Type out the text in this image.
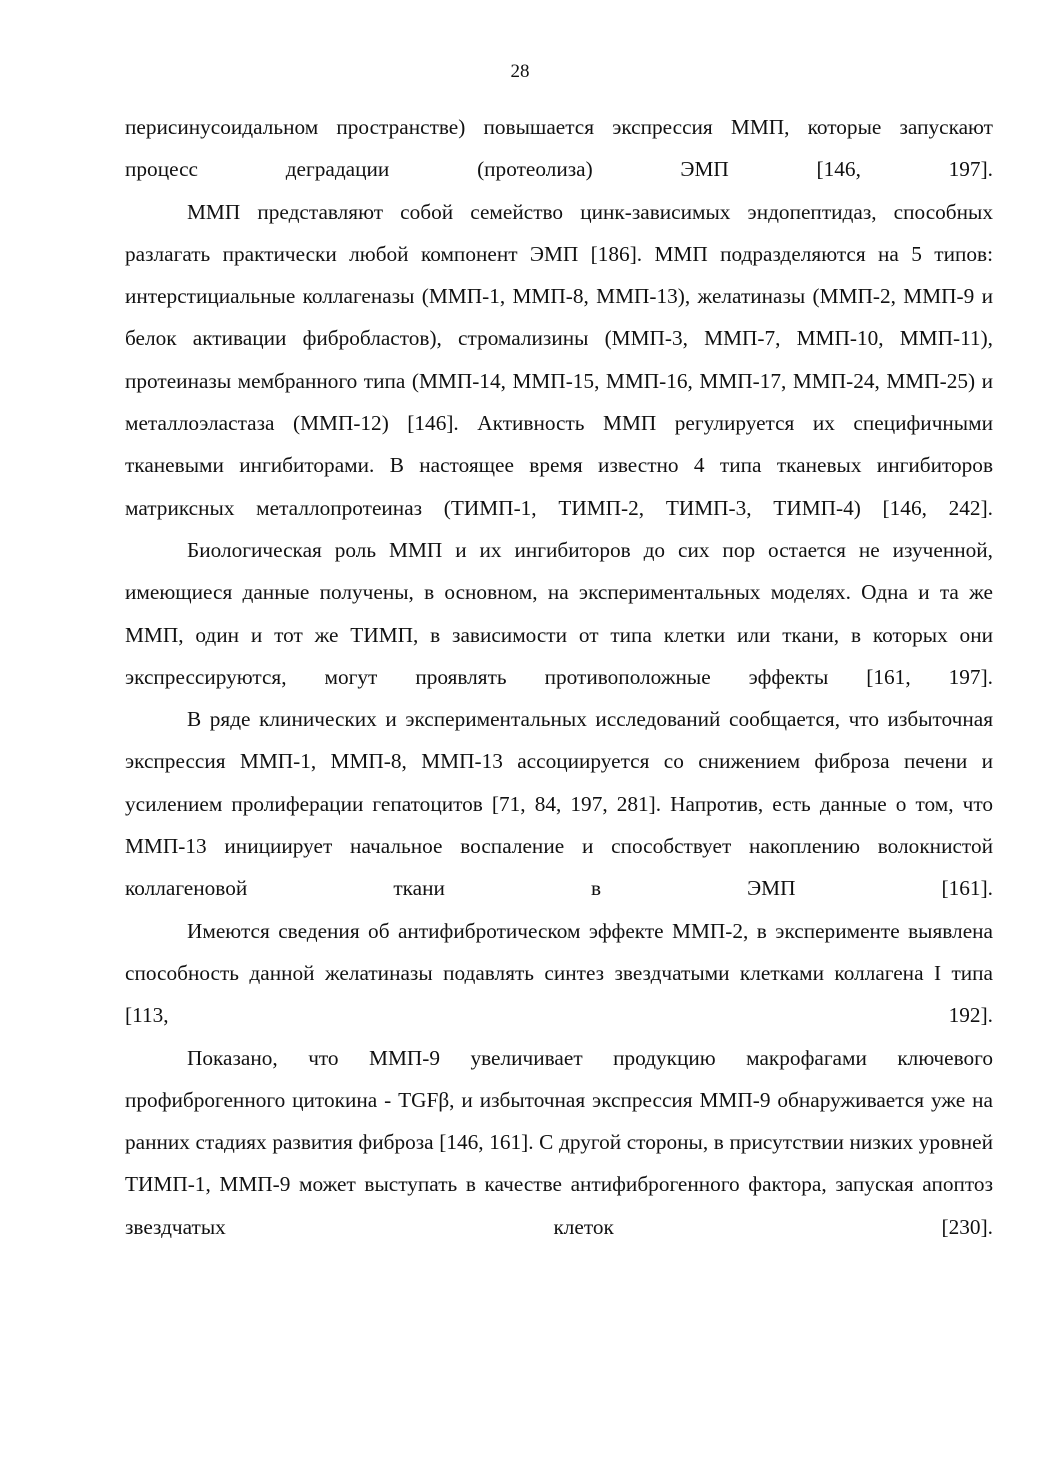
28

перисинусоидальном пространстве) повышается экспрессия ММП, которые запускают процесс деградации (протеолиза) ЭМП [146, 197].

ММП представляют собой семейство цинк-зависимых эндопептидаз, способных разлагать практически любой компонент ЭМП [186]. ММП подразделяются на 5 типов: интерстициальные коллагеназы (ММП-1, ММП-8, ММП-13), желатиназы (ММП-2, ММП-9 и белок активации фибробластов), стромализины (ММП-3, ММП-7, ММП-10, ММП-11), протеиназы мембранного типа (ММП-14, ММП-15, ММП-16, ММП-17, ММП-24, ММП-25) и металлоэластаза (ММП-12) [146]. Активность ММП регулируется их специфичными тканевыми ингибиторами. В настоящее время известно 4 типа тканевых ингибиторов матриксных металлопротеиназ (ТИМП-1, ТИМП-2, ТИМП-3, ТИМП-4) [146, 242].

Биологическая роль ММП и их ингибиторов до сих пор остается не изученной, имеющиеся данные получены, в основном, на экспериментальных моделях. Одна и та же ММП, один и тот же ТИМП, в зависимости от типа клетки или ткани, в которых они экспрессируются, могут проявлять противоположные эффекты [161, 197].

В ряде клинических и экспериментальных исследований сообщается, что избыточная экспрессия ММП-1, ММП-8, ММП-13 ассоциируется со снижением фиброза печени и усилением пролиферации гепатоцитов [71, 84, 197, 281]. Напротив, есть данные о том, что ММП-13 инициирует начальное воспаление и способствует накоплению волокнистой коллагеновой ткани в ЭМП [161].

Имеются сведения об антифибротическом эффекте ММП-2, в эксперименте выявлена способность данной желатиназы подавлять синтез звездчатыми клетками коллагена I типа [113, 192].

Показано, что ММП-9 увеличивает продукцию макрофагами ключевого профиброгенного цитокина - TGFβ, и избыточная экспрессия ММП-9 обнаруживается уже на ранних стадиях развития фиброза [146, 161]. С другой стороны, в присутствии низких уровней ТИМП-1, ММП-9 может выступать в качестве антифиброгенного фактора, запуская апоптоз звездчатых клеток [230].
